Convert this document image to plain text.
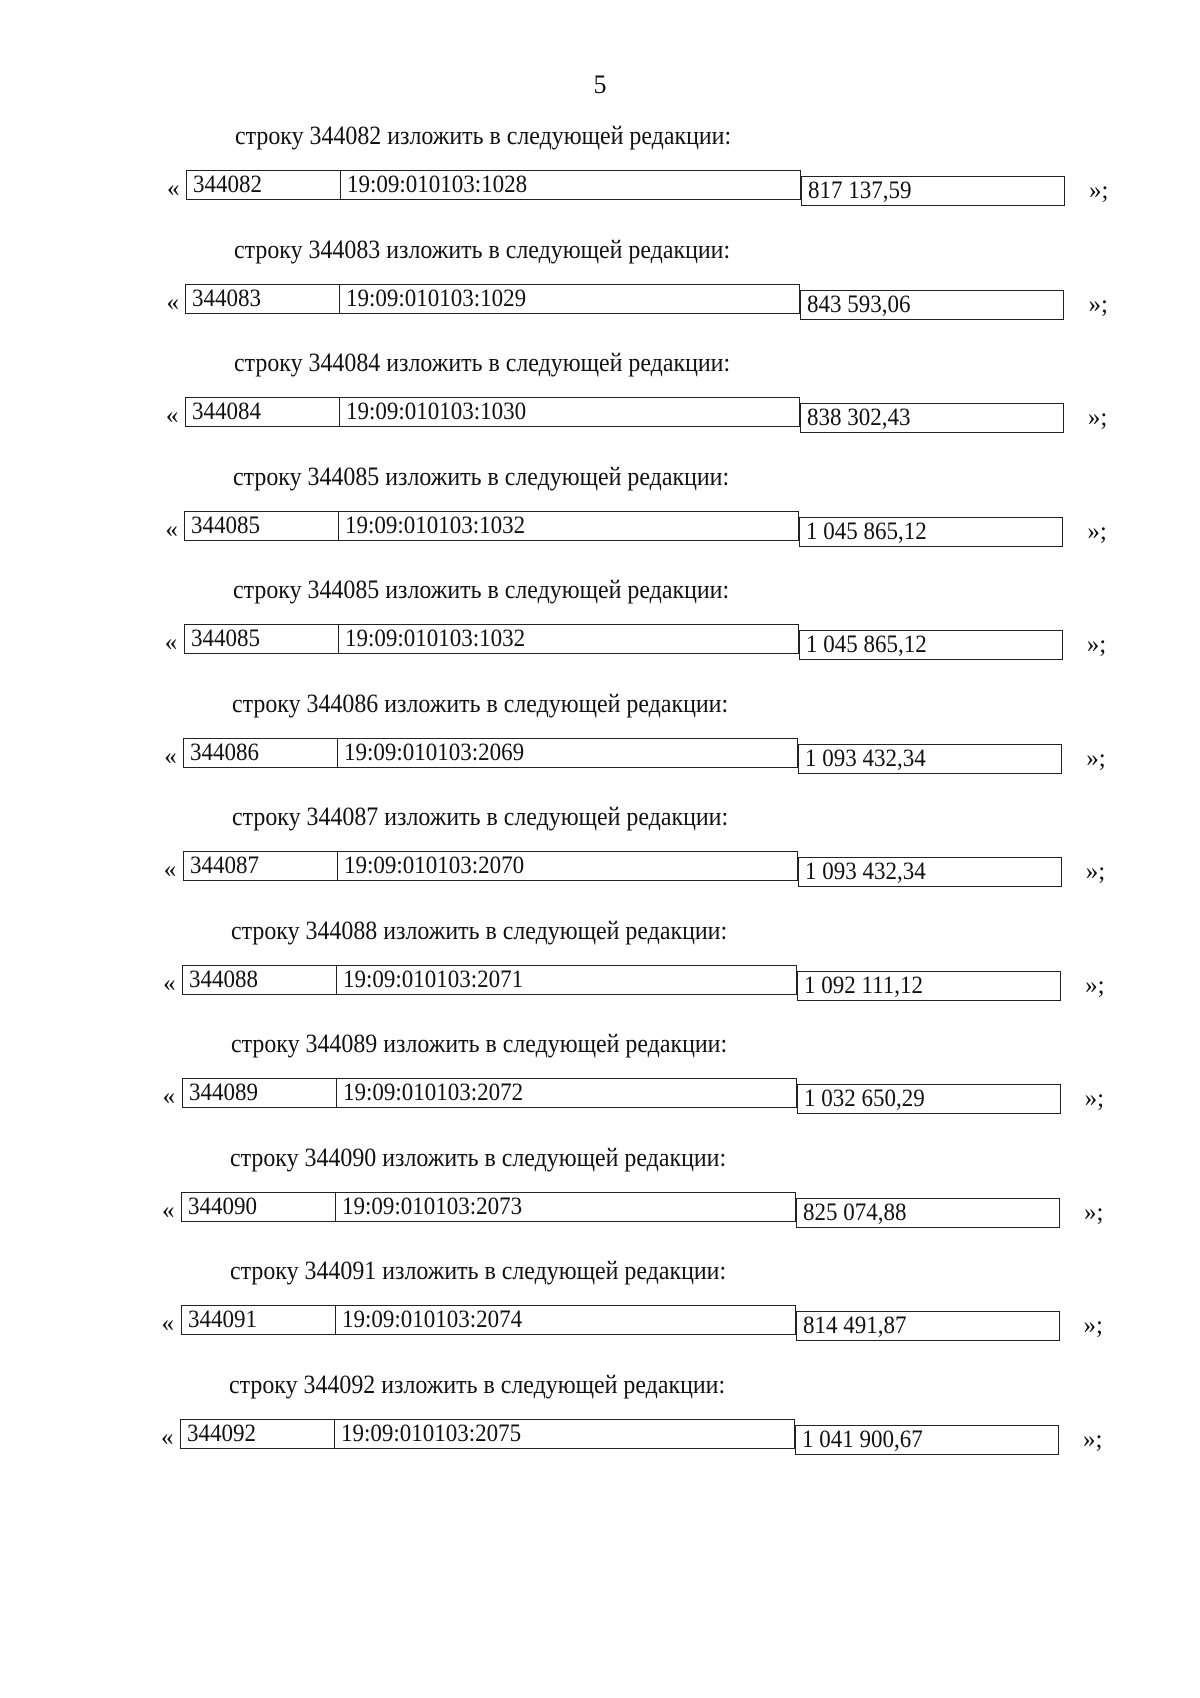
5
строку 344082 изложить в следующей редакции:
« 344082	19:09:010103:1028	817 137,59	»;
строку 344083 изложить в следующей редакции:
« 344083	19:09:010103:1029	843 593,06	»;
строку 344084 изложить в следующей редакции:
« 344084	19:09:010103:1030	838 302,43	»;
строку 344085 изложить в следующей редакции:
« 344085	19:09:010103:1032	1 045 865,12	»;
строку 344085 изложить в следующей редакции:
« 344085	19:09:010103:1032	1 045 865,12	»;
строку 344086 изложить в следующей редакции:
« 344086	19:09:010103:2069	1 093 432,34	»;
строку 344087 изложить в следующей редакции:
« 344087	19:09:010103:2070	1 093 432,34	»;
строку 344088 изложить в следующей редакции:
« 344088	19:09:010103:2071	1 092 111,12	»;
строку 344089 изложить в следующей редакции:
« 344089	19:09:010103:2072	1 032 650,29	»;
строку 344090 изложить в следующей редакции:
« 344090	19:09:010103:2073	825 074,88	»;
строку 344091 изложить в следующей редакции:
« 344091	19:09:010103:2074	814 491,87	»;
строку 344092 изложить в следующей редакции:
« 344092	19:09:010103:2075	1 041 900,67	»;
